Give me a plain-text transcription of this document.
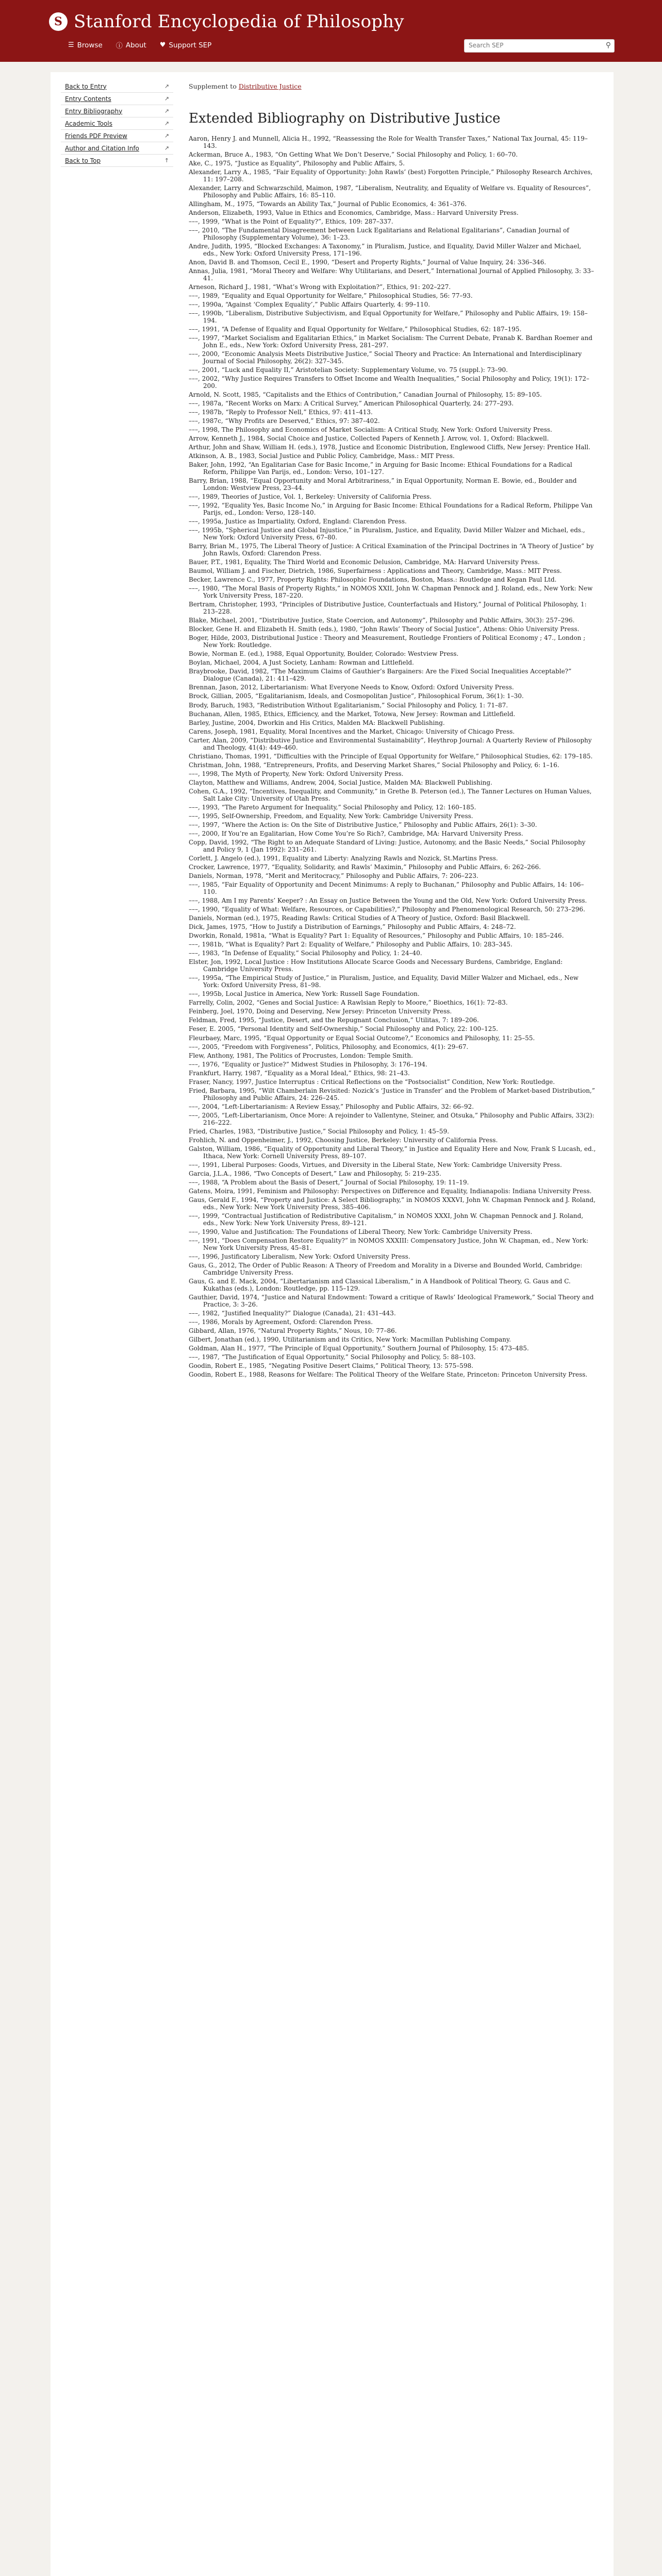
S Stanford Encyclopedia of Philosophy
☰ Browse ⓘ About ♥ Support SEP
Search SEP	⚲
Back to Entry	↗
Entry Contents	↗
Entry Bibliography	↗
Academic Tools	↗
Friends PDF Preview	↗
Author and Citation Info	↗
Back to Top	↑
Supplement to Distributive Justice
Extended Bibliography on Distributive Justice
Aaron, Henry J. and Munnell, Alicia H., 1992, “Reassessing the Role for Wealth Transfer Taxes,” National Tax Journal, 45: 119–143.
Ackerman, Bruce A., 1983, “On Getting What We Don’t Deserve,” Social Philosophy and Policy, 1: 60–70.
Ake, C., 1975, “Justice as Equality”, Philosophy and Public Affairs, 5.
Alexander, Larry A., 1985, “Fair Equality of Opportunity: John Rawls’ (best) Forgotten Principle,” Philosophy Research Archives, 11: 197–208.
Alexander, Larry and Schwarzschild, Maimon, 1987, “Liberalism, Neutrality, and Equality of Welfare vs. Equality of Resources”, Philosophy and Public Affairs, 16: 85–110.
Allingham, M., 1975, “Towards an Ability Tax,” Journal of Public Economics, 4: 361–376.
Anderson, Elizabeth, 1993, Value in Ethics and Economics, Cambridge, Mass.: Harvard University Press.
–––, 1999, “What is the Point of Equality?”, Ethics, 109: 287–337.
–––, 2010, “The Fundamental Disagreement between Luck Egalitarians and Relational Egalitarians”, Canadian Journal of Philosophy (Supplementary Volume), 36: 1–23.
Andre, Judith, 1995, “Blocked Exchanges: A Taxonomy,” in Pluralism, Justice, and Equality, David Miller Walzer and Michael, eds., New York: Oxford University Press, 171–196.
Anon, David B. and Thomson, Cecil E., 1990, “Desert and Property Rights,” Journal of Value Inquiry, 24: 336–346.
Annas, Julia, 1981, “Moral Theory and Welfare: Why Utilitarians, and Desert,” International Journal of Applied Philosophy, 3: 33–41.
Arneson, Richard J., 1981, “What’s Wrong with Exploitation?”, Ethics, 91: 202–227.
–––, 1989, “Equality and Equal Opportunity for Welfare,” Philosophical Studies, 56: 77–93.
–––, 1990a, “Against ‘Complex Equality’,” Public Affairs Quarterly, 4: 99–110.
–––, 1990b, “Liberalism, Distributive Subjectivism, and Equal Opportunity for Welfare,” Philosophy and Public Affairs, 19: 158–194.
–––, 1991, “A Defense of Equality and Equal Opportunity for Welfare,” Philosophical Studies, 62: 187–195.
–––, 1997, “Market Socialism and Egalitarian Ethics,” in Market Socialism: The Current Debate, Pranab K. Bardhan Roemer and John E., eds., New York: Oxford University Press, 281–297.
–––, 2000, “Economic Analysis Meets Distributive Justice,” Social Theory and Practice: An International and Interdisciplinary Journal of Social Philosophy, 26(2): 327–345.
–––, 2001, “Luck and Equality II,” Aristotelian Society: Supplementary Volume, vo. 75 (suppl.): 73–90.
–––, 2002, “Why Justice Requires Transfers to Offset Income and Wealth Inequalities,” Social Philosophy and Policy, 19(1): 172–200.
Arnold, N. Scott, 1985, “Capitalists and the Ethics of Contribution,” Canadian Journal of Philosophy, 15: 89–105.
–––, 1987a, “Recent Works on Marx: A Critical Survey,” American Philosophical Quarterly, 24: 277–293.
–––, 1987b, “Reply to Professor Nell,” Ethics, 97: 411–413.
–––, 1987c, “Why Profits are Deserved,” Ethics, 97: 387–402.
–––, 1998, The Philosophy and Economics of Market Socialism: A Critical Study, New York: Oxford University Press.
Arrow, Kenneth J., 1984, Social Choice and Justice, Collected Papers of Kenneth J. Arrow, vol. 1, Oxford: Blackwell.
Arthur, John and Shaw, William H. (eds.), 1978, Justice and Economic Distribution, Englewood Cliffs, New Jersey: Prentice Hall.
Atkinson, A. B., 1983, Social Justice and Public Policy, Cambridge, Mass.: MIT Press.
Baker, John, 1992, “An Egalitarian Case for Basic Income,” in Arguing for Basic Income: Ethical Foundations for a Radical Reform, Philippe Van Parijs, ed., London: Verso, 101–127.
Barry, Brian, 1988, “Equal Opportunity and Moral Arbitrariness,” in Equal Opportunity, Norman E. Bowie, ed., Boulder and London: Westview Press, 23–44.
–––, 1989, Theories of Justice, Vol. 1, Berkeley: University of California Press.
–––, 1992, “Equality Yes, Basic Income No,” in Arguing for Basic Income: Ethical Foundations for a Radical Reform, Philippe Van Parijs, ed., London: Verso, 128–140.
–––, 1995a, Justice as Impartiality, Oxford, England: Clarendon Press.
–––, 1995b, “Spherical Justice and Global Injustice,” in Pluralism, Justice, and Equality, David Miller Walzer and Michael, eds., New York: Oxford University Press, 67–80.
Barry, Brian M., 1975, The Liberal Theory of Justice: A Critical Examination of the Principal Doctrines in “A Theory of Justice” by John Rawls, Oxford: Clarendon Press.
Bauer, P.T., 1981, Equality, The Third World and Economic Delusion, Cambridge, MA: Harvard University Press.
Baumol, William J. and Fischer, Dietrich, 1986, Superfairness : Applications and Theory, Cambridge, Mass.: MIT Press.
Becker, Lawrence C., 1977, Property Rights: Philosophic Foundations, Boston, Mass.: Routledge and Kegan Paul Ltd.
–––, 1980, “The Moral Basis of Property Rights,” in NOMOS XXII, John W. Chapman Pennock and J. Roland, eds., New York: New York University Press, 187–220.
Bertram, Christopher, 1993, “Principles of Distributive Justice, Counterfactuals and History,” Journal of Political Philosophy, 1: 213–228.
Blake, Michael, 2001, “Distributive Justice, State Coercion, and Autonomy”, Philosophy and Public Affairs, 30(3): 257–296.
Blocker, Gene H. and Elizabeth H. Smith (eds.), 1980, “John Rawls’ Theory of Social Justice”, Athens: Ohio University Press.
Boger, Hilde, 2003, Distributional Justice : Theory and Measurement, Routledge Frontiers of Political Economy ; 47., London ; New York: Routledge.
Bowie, Norman E. (ed.), 1988, Equal Opportunity, Boulder, Colorado: Westview Press.
Boylan, Michael, 2004, A Just Society, Lanham: Rowman and Littlefield.
Braybrooke, David, 1982, “The Maximum Claims of Gauthier’s Bargainers: Are the Fixed Social Inequalities Acceptable?” Dialogue (Canada), 21: 411–429.
Brennan, Jason, 2012, Libertarianism: What Everyone Needs to Know, Oxford: Oxford University Press.
Brock, Gillian, 2005, “Egalitarianism, Ideals, and Cosmopolitan Justice”, Philosophical Forum, 36(1): 1–30.
Brody, Baruch, 1983, “Redistribution Without Egalitarianism,” Social Philosophy and Policy, 1: 71–87.
Buchanan, Allen, 1985, Ethics, Efficiency, and the Market, Totowa, New Jersey: Rowman and Littlefield.
Barley, Justine, 2004, Dworkin and His Critics, Malden MA: Blackwell Publishing.
Carens, Joseph, 1981, Equality, Moral Incentives and the Market, Chicago: University of Chicago Press.
Carter, Alan, 2009, “Distributive Justice and Environmental Sustainability”, Heythrop Journal: A Quarterly Review of Philosophy and Theology, 41(4): 449–460.
Christiano, Thomas, 1991, “Difficulties with the Principle of Equal Opportunity for Welfare,” Philosophical Studies, 62: 179–185.
Christman, John, 1988, “Entrepreneurs, Profits, and Deserving Market Shares,” Social Philosophy and Policy, 6: 1–16.
–––, 1998, The Myth of Property, New York: Oxford University Press.
Clayton, Matthew and Williams, Andrew, 2004, Social Justice, Malden MA: Blackwell Publishing.
Cohen, G.A., 1992, “Incentives, Inequality, and Community,” in Grethe B. Peterson (ed.), The Tanner Lectures on Human Values, Salt Lake City: University of Utah Press.
–––, 1993, “The Pareto Argument for Inequality,” Social Philosophy and Policy, 12: 160–185.
–––, 1995, Self-Ownership, Freedom, and Equality, New York: Cambridge University Press.
–––, 1997, “Where the Action is: On the Site of Distributive Justice,” Philosophy and Public Affairs, 26(1): 3–30.
–––, 2000, If You’re an Egalitarian, How Come You’re So Rich?, Cambridge, MA: Harvard University Press.
Copp, David, 1992, “The Right to an Adequate Standard of Living: Justice, Autonomy, and the Basic Needs,” Social Philosophy and Policy 9, 1 (Jan 1992): 231–261.
Corlett, J. Angelo (ed.), 1991, Equality and Liberty: Analyzing Rawls and Nozick, St.Martins Press.
Crocker, Lawrence, 1977, “Equality, Solidarity, and Rawls’ Maximin,” Philosophy and Public Affairs, 6: 262–266.
Daniels, Norman, 1978, “Merit and Meritocracy,” Philosophy and Public Affairs, 7: 206–223.
–––, 1985, “Fair Equality of Opportunity and Decent Minimums: A reply to Buchanan,” Philosophy and Public Affairs, 14: 106–110.
–––, 1988, Am I my Parents’ Keeper? : An Essay on Justice Between the Young and the Old, New York: Oxford University Press.
–––, 1990, “Equality of What: Welfare, Resources, or Capabilities?,” Philosophy and Phenomenological Research, 50: 273–296.
Daniels, Norman (ed.), 1975, Reading Rawls: Critical Studies of A Theory of Justice, Oxford: Basil Blackwell.
Dick, James, 1975, “How to Justify a Distribution of Earnings,” Philosophy and Public Affairs, 4: 248–72.
Dworkin, Ronald, 1981a, “What is Equality? Part 1: Equality of Resources,” Philosophy and Public Affairs, 10: 185–246.
–––, 1981b, “What is Equality? Part 2: Equality of Welfare,” Philosophy and Public Affairs, 10: 283–345.
–––, 1983, “In Defense of Equality,” Social Philosophy and Policy, 1: 24–40.
Elster, Jon, 1992, Local Justice : How Institutions Allocate Scarce Goods and Necessary Burdens, Cambridge, England: Cambridge University Press.
–––, 1995a, “The Empirical Study of Justice,” in Pluralism, Justice, and Equality, David Miller Walzer and Michael, eds., New York: Oxford University Press, 81–98.
–––, 1995b, Local Justice in America, New York: Russell Sage Foundation.
Farrelly, Colin, 2002, “Genes and Social Justice: A Rawlsian Reply to Moore,” Bioethics, 16(1): 72–83.
Feinberg, Joel, 1970, Doing and Deserving, New Jersey: Princeton University Press.
Feldman, Fred, 1995, “Justice, Desert, and the Repugnant Conclusion,” Utilitas, 7: 189–206.
Feser, E. 2005, “Personal Identity and Self-Ownership,” Social Philosophy and Policy, 22: 100–125.
Fleurbaey, Marc, 1995, “Equal Opportunity or Equal Social Outcome?,” Economics and Philosophy, 11: 25–55.
–––, 2005, “Freedom with Forgiveness”, Politics, Philosophy, and Economics, 4(1): 29–67.
Flew, Anthony, 1981, The Politics of Procrustes, London: Temple Smith.
–––, 1976, “Equality or Justice?” Midwest Studies in Philosophy, 3: 176–194.
Frankfurt, Harry, 1987, “Equality as a Moral Ideal,” Ethics, 98: 21–43.
Fraser, Nancy, 1997, Justice Interruptus : Critical Reflections on the “Postsocialist” Condition, New York: Routledge.
Fried, Barbara, 1995, “Wilt Chamberlain Revisited: Nozick’s ‘Justice in Transfer’ and the Problem of Market-based Distribution,” Philosophy and Public Affairs, 24: 226–245.
–––, 2004, “Left-Libertarianism: A Review Essay,” Philosophy and Public Affairs, 32: 66–92.
–––, 2005, “Left-Libertarianism, Once More: A rejoinder to Vallentyne, Steiner, and Otsuka,” Philosophy and Public Affairs, 33(2): 216–222.
Fried, Charles, 1983, “Distributive Justice,” Social Philosophy and Policy, 1: 45–59.
Frohlich, N. and Oppenheimer, J., 1992, Choosing Justice, Berkeley: University of California Press.
Galston, William, 1986, “Equality of Opportunity and Liberal Theory,” in Justice and Equality Here and Now, Frank S Lucash, ed., Ithaca, New York: Cornell University Press, 89–107.
–––, 1991, Liberal Purposes: Goods, Virtues, and Diversity in the Liberal State, New York: Cambridge University Press.
Garcia, J.L.A., 1986, “Two Concepts of Desert,” Law and Philosophy, 5: 219–235.
–––, 1988, “A Problem about the Basis of Desert,” Journal of Social Philosophy, 19: 11–19.
Gatens, Moira, 1991, Feminism and Philosophy: Perspectives on Difference and Equality, Indianapolis: Indiana University Press.
Gaus, Gerald F., 1994, “Property and Justice: A Select Bibliography,” in NOMOS XXXVI, John W. Chapman Pennock and J. Roland, eds., New York: New York University Press, 385–406.
–––, 1999, “Contractual Justification of Redistributive Capitalism,” in NOMOS XXXI, John W. Chapman Pennock and J. Roland, eds., New York: New York University Press, 89–121.
–––, 1990, Value and Justification: The Foundations of Liberal Theory, New York: Cambridge University Press.
–––, 1991, “Does Compensation Restore Equality?” in NOMOS XXXIII: Compensatory Justice, John W. Chapman, ed., New York: New York University Press, 45–81.
–––, 1996, Justificatory Liberalism, New York: Oxford University Press.
Gaus, G., 2012, The Order of Public Reason: A Theory of Freedom and Morality in a Diverse and Bounded World, Cambridge: Cambridge University Press.
Gaus, G. and E. Mack, 2004, “Libertarianism and Classical Liberalism,” in A Handbook of Political Theory, G. Gaus and C. Kukathas (eds.), London: Routledge, pp. 115–129.
Gauthier, David, 1974, “Justice and Natural Endowment: Toward a critique of Rawls’ Ideological Framework,” Social Theory and Practice, 3: 3–26.
–––, 1982, “Justified Inequality?” Dialogue (Canada), 21: 431–443.
–––, 1986, Morals by Agreement, Oxford: Clarendon Press.
Gibbard, Allan, 1976, “Natural Property Rights,” Nous, 10: 77–86.
Gilbert, Jonathan (ed.), 1990, Utilitarianism and its Critics, New York: Macmillan Publishing Company.
Goldman, Alan H., 1977, “The Principle of Equal Opportunity,” Southern Journal of Philosophy, 15: 473–485.
–––, 1987, “The Justification of Equal Opportunity,” Social Philosophy and Policy, 5: 88–103.
Goodin, Robert E., 1985, “Negating Positive Desert Claims,” Political Theory, 13: 575–598.
Goodin, Robert E., 1988, Reasons for Welfare: The Political Theory of the Welfare State, Princeton: Princeton University Press.
